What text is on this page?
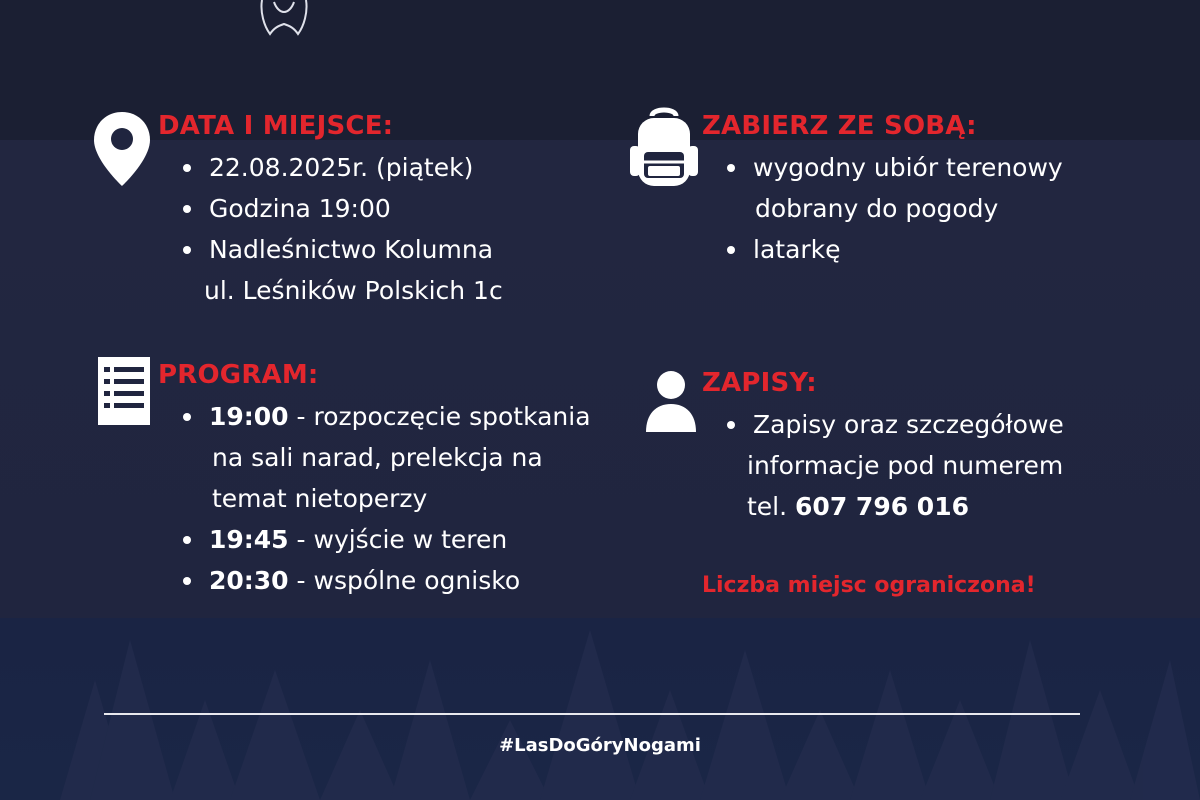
DATA I MIEJSCE:
22.08.2025r. (piątek)
Godzina 19:00
Nadleśnictwo Kolumna
ul. Leśników Polskich 1c
ZABIERZ ZE SOBĄ:
wygodny ubiór terenowy
dobrany do pogody
latarkę
PROGRAM:
19:00 - rozpoczęcie spotkania
na sali narad, prelekcja na
temat nietoperzy
19:45 - wyjście w teren
20:30 - wspólne ognisko
ZAPISY:
Zapisy oraz szczegółowe
informacje pod numerem
tel. 607 796 016
Liczba miejsc ograniczona!
#LasDoGóryNogami
